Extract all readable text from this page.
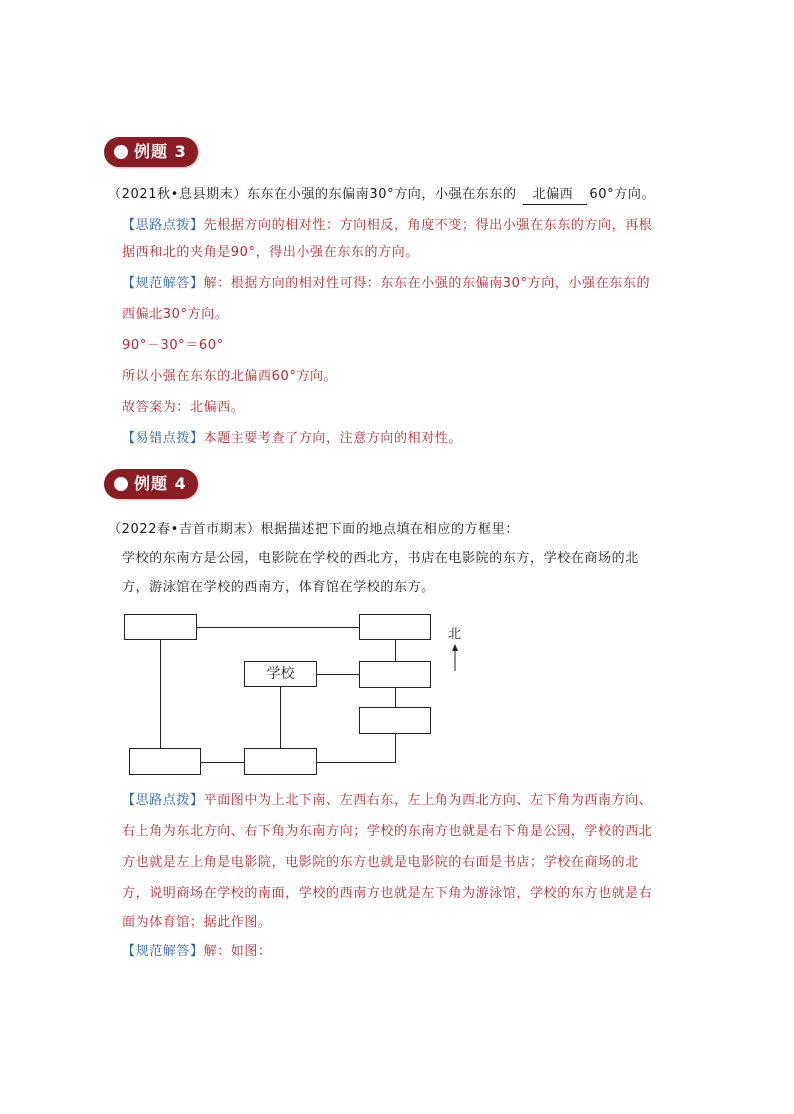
例题 3
（2021秋•息县期末）东东在小强的东偏南30°方向，小强在东东的 北偏西 60°方向。
【思路点拨】先根据方向的相对性：方向相反，角度不变；得出小强在东东的方向，再根
据西和北的夹角是90°，得出小强在东东的方向。
【规范解答】解：根据方向的相对性可得：东东在小强的东偏南30°方向，小强在东东的
西偏北30°方向。
90°－30°＝60°
所以小强在东东的北偏西60°方向。
故答案为：北偏西。
【易错点拨】本题主要考查了方向，注意方向的相对性。
例题 4
（2022春•吉首市期末）根据描述把下面的地点填在相应的方框里：
学校的东南方是公园，电影院在学校的西北方，书店在电影院的东方，学校在商场的北
方，游泳馆在学校的西南方，体育馆在学校的东方。
学校
北
【思路点拨】平面图中为上北下南、左西右东，左上角为西北方向、左下角为西南方向、
右上角为东北方向、右下角为东南方向；学校的东南方也就是右下角是公园，学校的西北
方也就是左上角是电影院，电影院的东方也就是电影院的右面是书店；学校在商场的北
方，说明商场在学校的南面，学校的西南方也就是左下角为游泳馆，学校的东方也就是右
面为体育馆；据此作图。
【规范解答】解：如图：
